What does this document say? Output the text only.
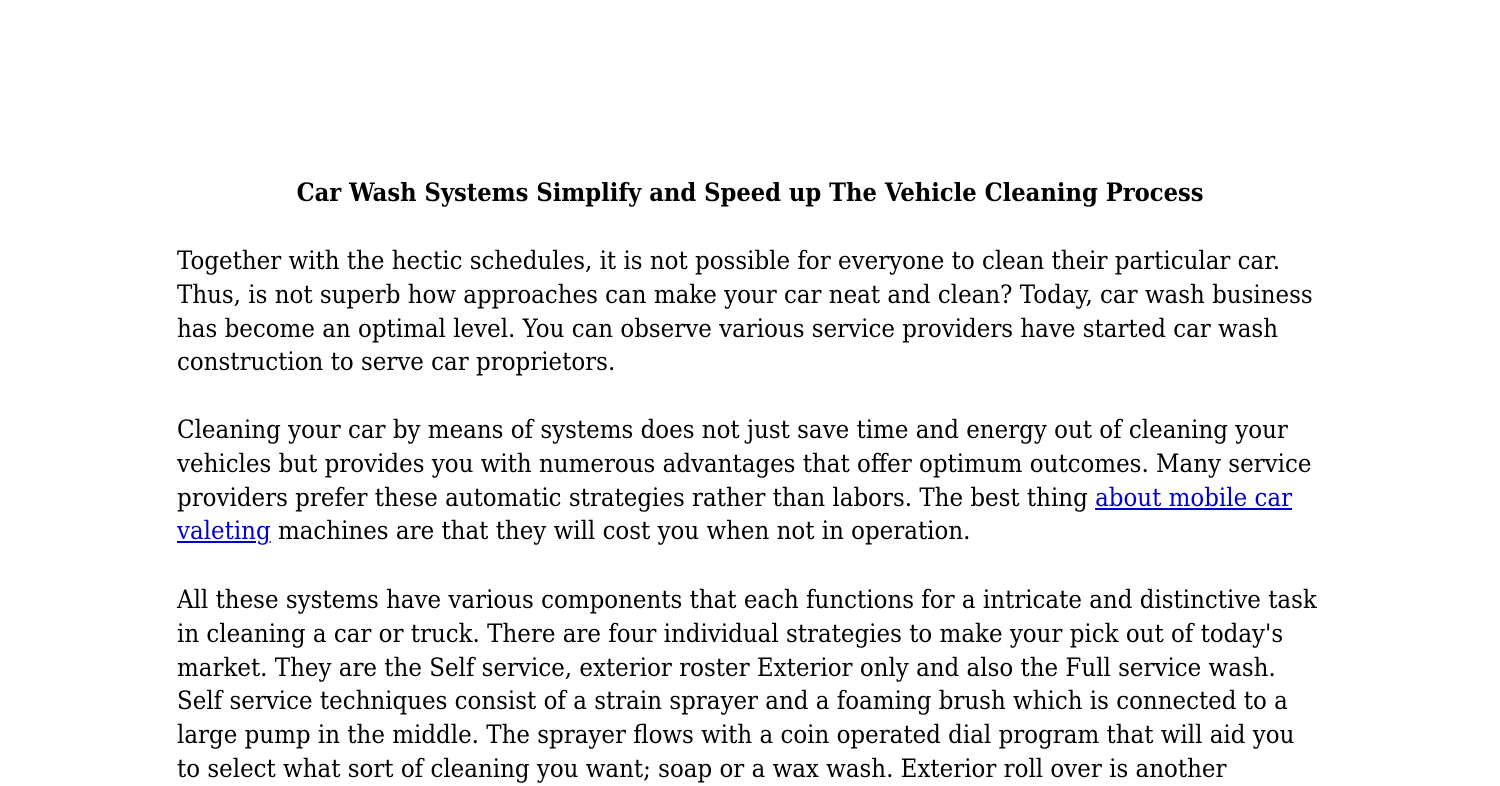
Car Wash Systems Simplify and Speed up The Vehicle Cleaning Process
Together with the hectic schedules, it is not possible for everyone to clean their particular car.
Thus, is not superb how approaches can make your car neat and clean? Today, car wash business
has become an optimal level. You can observe various service providers have started car wash
construction to serve car proprietors.
Cleaning your car by means of systems does not just save time and energy out of cleaning your
vehicles but provides you with numerous advantages that offer optimum outcomes. Many service
providers prefer these automatic strategies rather than labors. The best thing about mobile car
valeting machines are that they will cost you when not in operation.
All these systems have various components that each functions for a intricate and distinctive task
in cleaning a car or truck. There are four individual strategies to make your pick out of today's
market. They are the Self service, exterior roster Exterior only and also the Full service wash.
Self service techniques consist of a strain sprayer and a foaming brush which is connected to a
large pump in the middle. The sprayer flows with a coin operated dial program that will aid you
to select what sort of cleaning you want; soap or a wax wash. Exterior roll over is another
